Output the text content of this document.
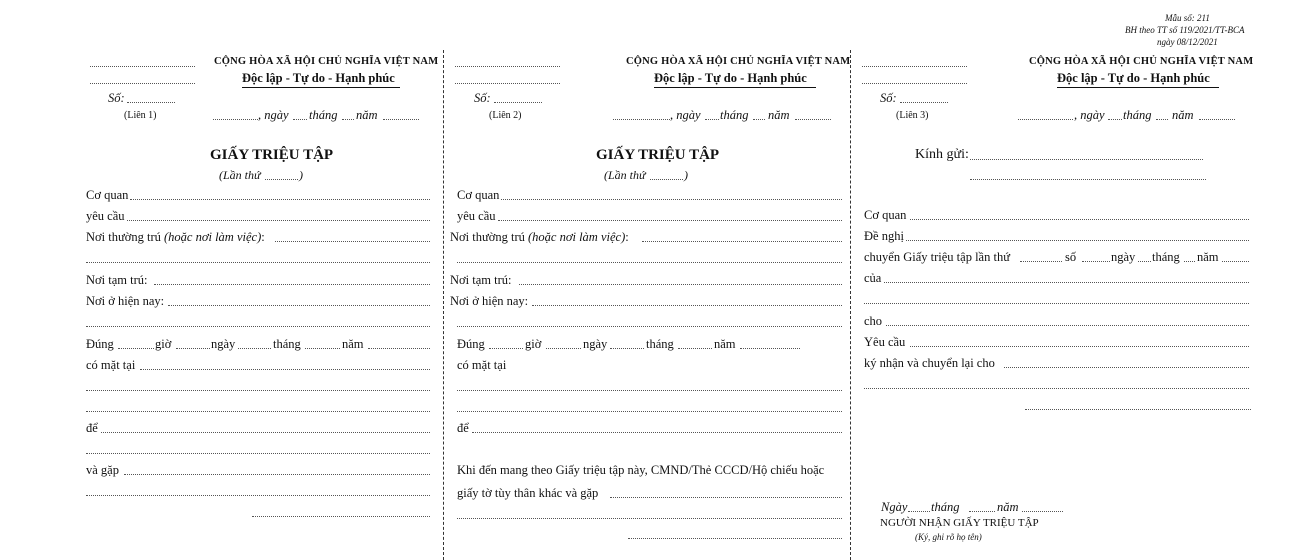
Mẫu số: 211
BH theo TT số 119/2021/TT-BCA
ngày 08/12/2021
CỘNG HÒA XÃ HỘI CHỦ NGHĨA VIỆT NAM
Độc lập - Tự do - Hạnh phúc
Số:
(Liên 1)	, ngày tháng năm
GIẤY TRIỆU TẬP
(Lần thứ	)
Cơ quan
yêu cầu
Nơi thường trú (hoặc nơi làm việc):
Nơi tạm trú:
Nơi ở hiện nay:
Đúng	giờ	ngày	tháng	năm
có mặt tại
để
và gặp
CỘNG HÒA XÃ HỘI CHỦ NGHĨA VIỆT NAM
Độc lập - Tự do - Hạnh phúc
Số:
(Liên 2)	, ngày tháng năm
GIẤY TRIỆU TẬP
(Lần thứ	)
Cơ quan
yêu cầu
Nơi thường trú (hoặc nơi làm việc):
Nơi tạm trú:
Nơi ở hiện nay:
Đúng	giờ	ngày	tháng	năm
có mặt tại
để
Khi đến mang theo Giấy triệu tập này, CMND/Thẻ CCCD/Hộ chiếu hoặc
giấy tờ tùy thân khác và gặp
CỘNG HÒA XÃ HỘI CHỦ NGHĨA VIỆT NAM
Độc lập - Tự do - Hạnh phúc
Số:
(Liên 3)	, ngày tháng năm
Kính gửi:
Cơ quan
Đề nghị
chuyển Giấy triệu tập lần thứ	số	ngày tháng năm
của
cho
Yêu cầu
ký nhận và chuyển lại cho
Ngày tháng	năm
NGƯỜI NHẬN GIẤY TRIỆU TẬP
(Ký, ghi rõ họ tên)
